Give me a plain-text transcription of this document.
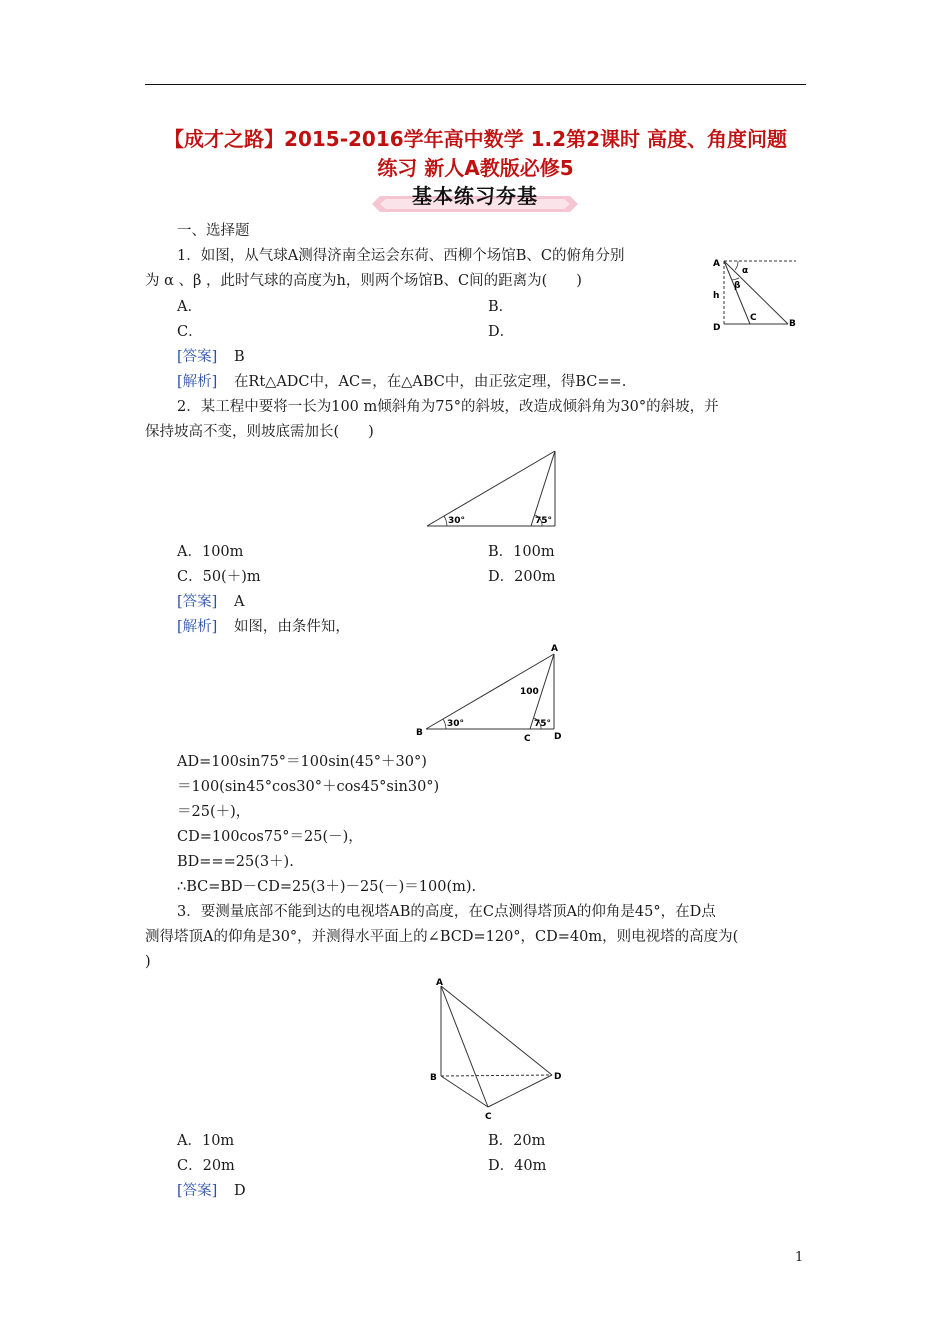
【成才之路】2015-2016学年高中数学 1.2第2课时 高度、角度问题
练习 新人A教版必修5
基本练习夯基
一、选择题
1．如图，从气球A测得济南全运会东荷、西柳个场馆B、C的俯角分别
为 α 、β ，此时气球的高度为h，则两个场馆B、C间的距离为(　　)
A．	B．
C．	D．
[答案] B
[解析] 在Rt△ADC中，AC=，在△ABC中，由正弦定理，得BC==.
A
α
β
h
D
C
B
2．某工程中要将一长为100 m倾斜角为75°的斜坡，改造成倾斜角为30°的斜坡，并
保持坡高不变，则坡底需加长(　　)
30°	75°
A．100m	B．100m
C．50(＋)m	D．200m
[答案] A
[解析] 如图，由条件知，
A
B
C	D
100
30°	75°
AD=100sin75°＝100sin(45°＋30°)
＝100(sin45°cos30°＋cos45°sin30°)
＝25(＋)，
CD=100cos75°＝25(－)，
BD===25(3＋).
∴BC=BD－CD=25(3＋)－25(－)＝100(m).
3．要测量底部不能到达的电视塔AB的高度，在C点测得塔顶A的仰角是45°，在D点
测得塔顶A的仰角是30°，并测得水平面上的∠BCD=120°，CD=40m，则电视塔的高度为(
)
A
B
C
D
A．10m	B．20m
C．20m	D．40m
[答案] D
1
